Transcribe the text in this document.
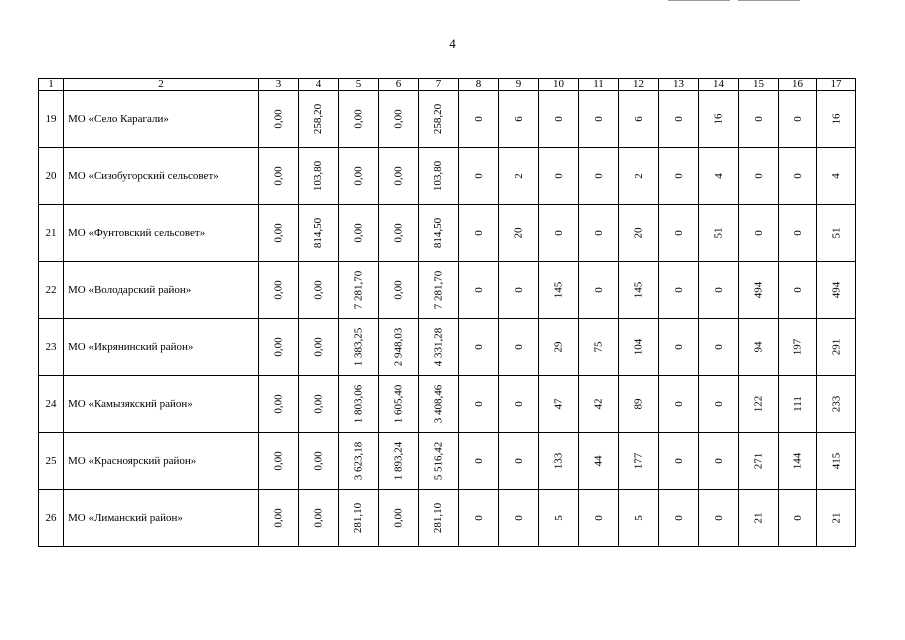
4
1	2	3	4	5	6	7	8	9	10	11	12	13	14	15	16	17
19	МО «Село Карагали»	0,00	258,20	0,00	0,00	258,20	0	6	0	0	6	0	16	0	0	16
20	МО «Сизобугорский сельсовет»	0,00	103,80	0,00	0,00	103,80	0	2	0	0	2	0	4	0	0	4
21	МО «Фунтовский сельсовет»	0,00	814,50	0,00	0,00	814,50	0	20	0	0	20	0	51	0	0	51
22	МО «Володарский район»	0,00	0,00	7 281,70	0,00	7 281,70	0	0	145	0	145	0	0	494	0	494
23	МО «Икрянинский район»	0,00	0,00	1 383,25	2 948,03	4 331,28	0	0	29	75	104	0	0	94	197	291
24	МО «Камызякский район»	0,00	0,00	1 803,06	1 605,40	3 408,46	0	0	47	42	89	0	0	122	111	233
25	МО «Красноярский район»	0,00	0,00	3 623,18	1 893,24	5 516,42	0	0	133	44	177	0	0	271	144	415
26	МО «Лиманский район»	0,00	0,00	281,10	0,00	281,10	0	0	5	0	5	0	0	21	0	21
